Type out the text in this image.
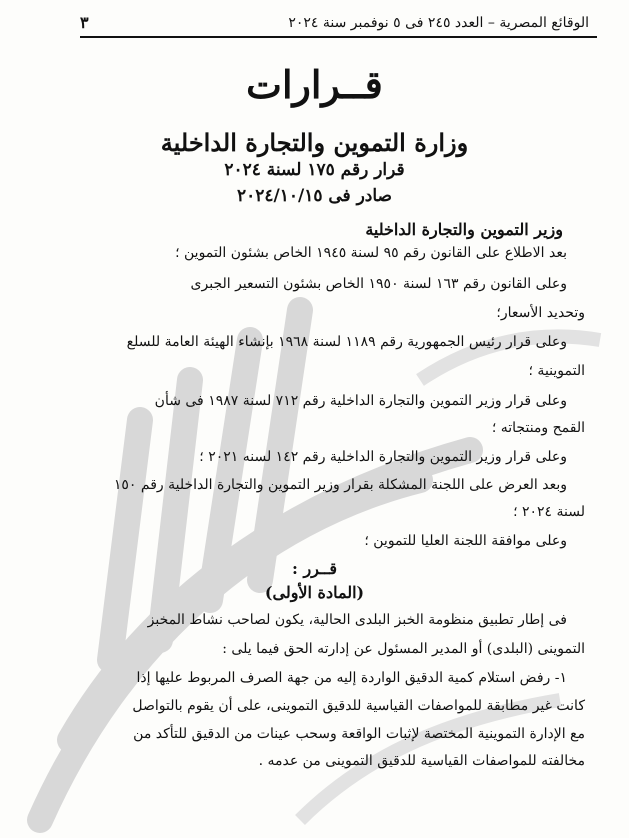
الوقائع المصرية – العدد ٢٤٥ فى ٥ نوفمبر سنة ٢٠٢٤
٣
قــرارات
وزارة التموين والتجارة الداخلية
قرار رقم ١٧٥ لسنة ٢٠٢٤
صادر فى ٢٠٢٤/١٠/١٥
وزير التموين والتجارة الداخلية
بعد الاطلاع على القانون رقم ٩٥ لسنة ١٩٤٥ الخاص بشئون التموين ؛
وعلى القانون رقم ١٦٣ لسنة ١٩٥٠ الخاص بشئون التسعير الجبرى
وتحديد الأسعار؛
وعلى قرار رئيس الجمهورية رقم ١١٨٩ لسنة ١٩٦٨ بإنشاء الهيئة العامة للسلع
التموينية ؛
وعلى قرار وزير التموين والتجارة الداخلية رقم ٧١٢ لسنة ١٩٨٧ فى شأن
القمح ومنتجاته ؛
وعلى قرار وزير التموين والتجارة الداخلية رقم ١٤٢ لسنه ٢٠٢١ ؛
وبعد العرض على اللجنة المشكلة بقرار وزير التموين والتجارة الداخلية رقم ١٥٠
لسنة ٢٠٢٤ ؛
وعلى موافقة اللجنة العليا للتموين ؛
قــرر :
(المادة الأولى)
فى إطار تطبيق منظومة الخبز البلدى الحالية، يكون لصاحب نشاط المخبز
التموينى (البلدى) أو المدير المسئول عن إدارته الحق فيما يلى :
١- رفض استلام كمية الدقيق الواردة إليه من جهة الصرف المربوط عليها إذا
كانت غير مطابقة للمواصفات القياسية للدقيق التموينى، على أن يقوم بالتواصل
مع الإدارة التموينية المختصة لإثبات الواقعة وسحب عينات من الدقيق للتأكد من
مخالفته للمواصفات القياسية للدقيق التموينى من عدمه .
